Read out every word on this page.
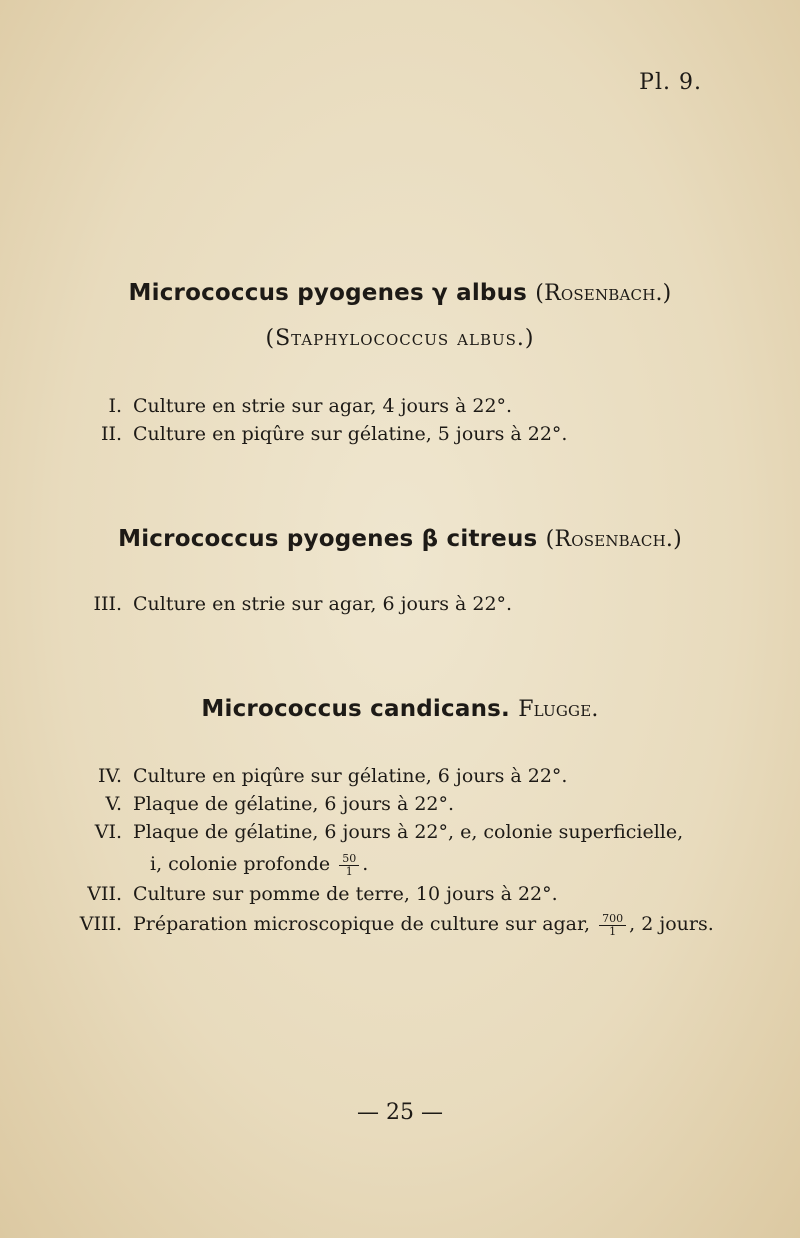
Pl. 9.
Micrococcus pyogenes γ albus (Rosenbach.)
(Staphylococcus albus.)
I. Culture en strie sur agar, 4 jours à 22°.
II. Culture en piqûre sur gélatine, 5 jours à 22°.
Micrococcus pyogenes β citreus (Rosenbach.)
III. Culture en strie sur agar, 6 jours à 22°.
Micrococcus candicans. Flugge.
IV. Culture en piqûre sur gélatine, 6 jours à 22°.
V. Plaque de gélatine, 6 jours à 22°.
VI. Plaque de gélatine, 6 jours à 22°, e, colonie superficielle,
i, colonie profonde $\frac{50}{1}$ .
VII. Culture sur pomme de terre, 10 jours à 22°.
VIII. Préparation microscopique de culture sur agar, $\frac{700}{1}$ , 2 jours.
— 25 —
